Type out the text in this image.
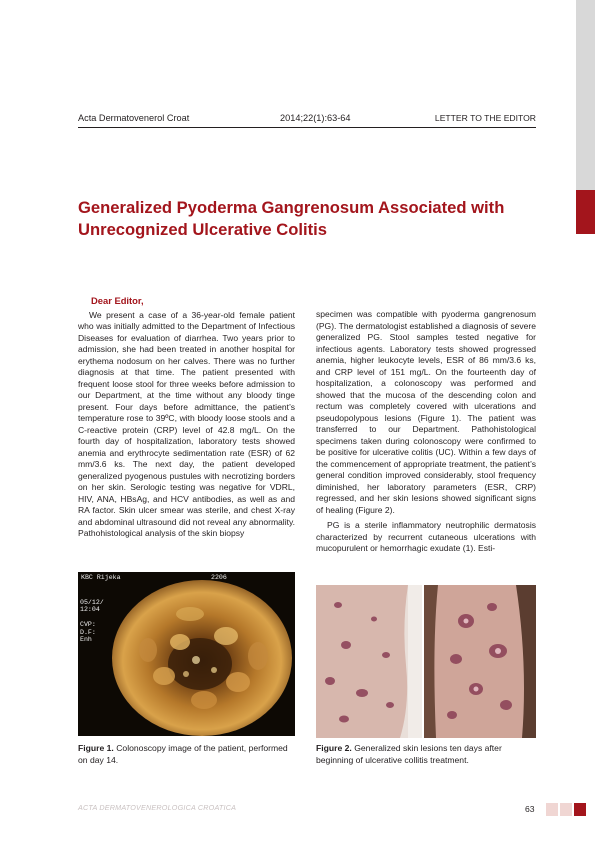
Acta Dermatovenerol Croat	2014;22(1):63-64	LETTER TO THE EDITOR
Generalized Pyoderma Gangrenosum Associated with Unrecognized Ulcerative Colitis

Dear Editor,

We present a case of a 36-year-old female patient who was initially admitted to the Department of Infectious Diseases for evaluation of diarrhea. Two years prior to admission, she had been treated in another hospital for erythema nodosum on her calves. There was no further diagnosis at that time. The patient presented with frequent loose stool for three weeks before admission to our Department, at the time without any bloody tinge present. Four days before admittance, the patient’s temperature rose to 39ºC, with bloody loose stools and a C-reactive protein (CRP) level of 42.8 mg/L. On the fourth day of hospitalization, laboratory tests showed anemia and erythrocyte sedimentation rate (ESR) of 62 mm/3.6 ks. The next day, the patient developed generalized pyogenous pustules with necrotizing borders on her skin. Serologic testing was negative for VDRL, HIV, ANA, HBsAg, and HCV antibodies, as well as and RA factor. Skin ulcer smear was sterile, and chest X-ray and abdominal ultrasound did not reveal any abnormality. Pathohistological analysis of the skin biopsy

specimen was compatible with pyoderma gangrenosum (PG). The dermatologist established a diagnosis of severe generalized PG. Stool samples tested negative for infectious agents. Laboratory tests showed progressed anemia, higher leukocyte levels, ESR of 86 mm/3.6 ks, and CRP level of 151 mg/L. On the fourteenth day of hospitalization, a colonoscopy was performed and showed that the mucosa of the descending colon and rectum was completely covered with ulcerations and pseudopolypous lesions (Figure 1). The patient was transferred to our Department. Pathohistological specimens taken during colonoscopy were confirmed to be positive for ulcerative colitis (UC). Within a few days of the commencement of appropriate treatment, the patient’s general condition improved considerably, stool frequency diminished, her laboratory parameters (ESR, CRP) regressed, and her skin lesions showed significant signs of healing (Figure 2).

PG is a sterile inflammatory neutrophilic dermatosis characterized by recurrent cutaneous ulcerations with mucopurulent or hemorrhagic exudate (1). Esti-

KBC Rijeka	2206
05/12/
12:04

CVP:
D.F:
Enh

Figure 1. Colonoscopy image of the patient, performed on day 14.

Figure 2. Generalized skin lesions ten days after beginning of ulcerative collitis treatment.

ACTA DERMATOVENEROLOGICA CROATICA	63
